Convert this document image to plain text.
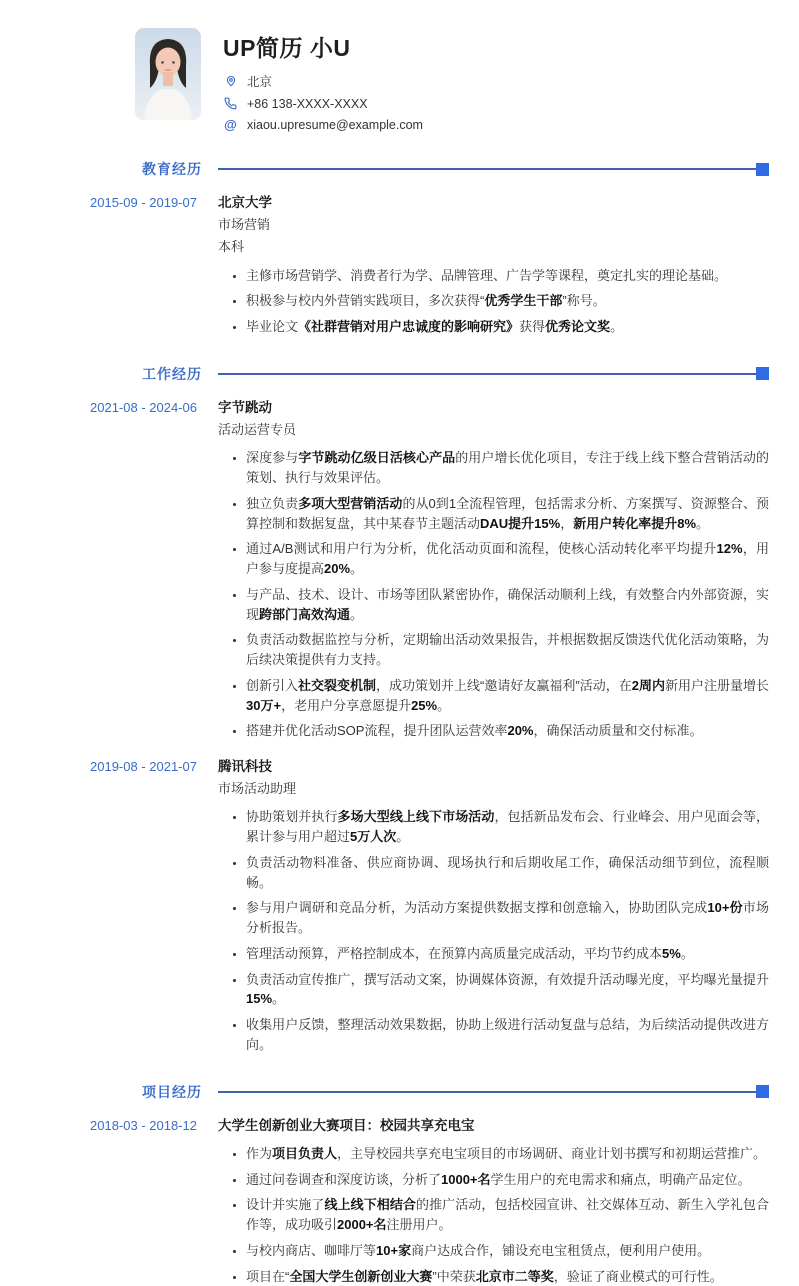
UP简历 小U
北京
+86 138-XXXX-XXXX
@ xiaou.upresume@example.com
教育经历
2015-09 - 2019-07	北京大学
市场营销
本科
• 主修市场营销学、消费者行为学、品牌管理、广告学等课程，奠定扎实的理论基础。
• 积极参与校内外营销实践项目，多次获得“优秀学生干部”称号。
• 毕业论文《社群营销对用户忠诚度的影响研究》获得优秀论文奖。
工作经历
2021-08 - 2024-06	字节跳动
活动运营专员
• 深度参与字节跳动亿级日活核心产品的用户增长优化项目，专注于线上线下整合营销活动的策划、执行与效果评估。
• 独立负责多项大型营销活动的从0到1全流程管理，包括需求分析、方案撰写、资源整合、预算控制和数据复盘，其中某春节主题活动DAU提升15%，新用户转化率提升8%。
• 通过A/B测试和用户行为分析，优化活动页面和流程，使核心活动转化率平均提升12%，用户参与度提高20%。
• 与产品、技术、设计、市场等团队紧密协作，确保活动顺利上线，有效整合内外部资源，实现跨部门高效沟通。
• 负责活动数据监控与分析，定期输出活动效果报告，并根据数据反馈迭代优化活动策略，为后续决策提供有力支持。
• 创新引入社交裂变机制，成功策划并上线“邀请好友赢福利”活动，在2周内新用户注册量增长30万+，老用户分享意愿提升25%。
• 搭建并优化活动SOP流程，提升团队运营效率20%，确保活动质量和交付标准。
2019-08 - 2021-07	腾讯科技
市场活动助理
• 协助策划并执行多场大型线上线下市场活动，包括新品发布会、行业峰会、用户见面会等，累计参与用户超过5万人次。
• 负责活动物料准备、供应商协调、现场执行和后期收尾工作，确保活动细节到位，流程顺畅。
• 参与用户调研和竞品分析，为活动方案提供数据支撑和创意输入，协助团队完成10+份市场分析报告。
• 管理活动预算，严格控制成本，在预算内高质量完成活动，平均节约成本5%。
• 负责活动宣传推广，撰写活动文案，协调媒体资源，有效提升活动曝光度，平均曝光量提升15%。
• 收集用户反馈，整理活动效果数据，协助上级进行活动复盘与总结，为后续活动提供改进方向。
项目经历
2018-03 - 2018-12	大学生创新创业大赛项目：校园共享充电宝
• 作为项目负责人，主导校园共享充电宝项目的市场调研、商业计划书撰写和初期运营推广。
• 通过问卷调查和深度访谈，分析了1000+名学生用户的充电需求和痛点，明确产品定位。
• 设计并实施了线上线下相结合的推广活动，包括校园宣讲、社交媒体互动、新生入学礼包合作等，成功吸引2000+名注册用户。
• 与校内商店、咖啡厅等10+家商户达成合作，铺设充电宝租赁点，便利用户使用。
• 项目在“全国大学生创新创业大赛”中荣获北京市二等奖，验证了商业模式的可行性。
